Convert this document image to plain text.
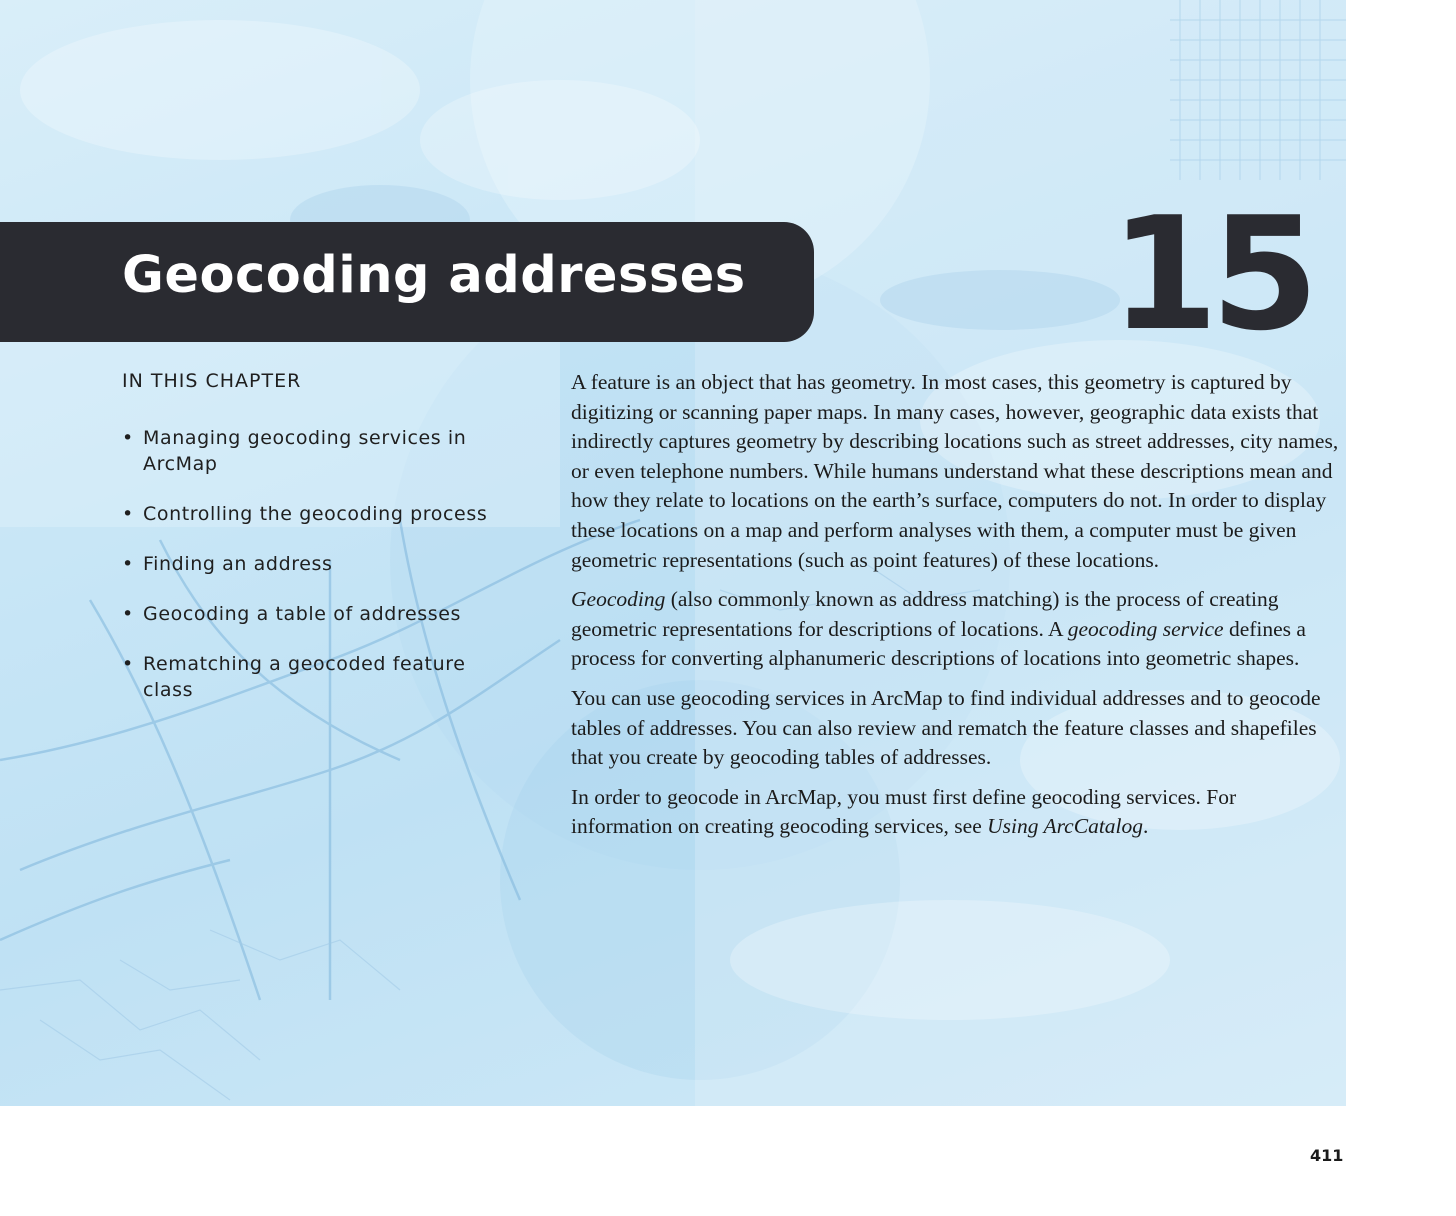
Geocoding addresses 15
IN THIS CHAPTER
• Managing geocoding services in ArcMap
• Controlling the geocoding process
• Finding an address
• Geocoding a table of addresses
• Rematching a geocoded feature class

A feature is an object that has geometry. In most cases, this geometry is captured by digitizing or scanning paper maps. In many cases, however, geographic data exists that indirectly captures geometry by describing locations such as street addresses, city names, or even telephone numbers. While humans understand what these descriptions mean and how they relate to locations on the earth’s surface, computers do not. In order to display these locations on a map and perform analyses with them, a computer must be given geometric representations (such as point features) of these locations.

Geocoding (also commonly known as address matching) is the process of creating geometric representations for descriptions of locations. A geocoding service defines a process for converting alphanumeric descriptions of locations into geometric shapes.

You can use geocoding services in ArcMap to find individual addresses and to geocode tables of addresses. You can also review and rematch the feature classes and shapefiles that you create by geocoding tables of addresses.

In order to geocode in ArcMap, you must first define geocoding services. For information on creating geocoding services, see Using ArcCatalog.

411
